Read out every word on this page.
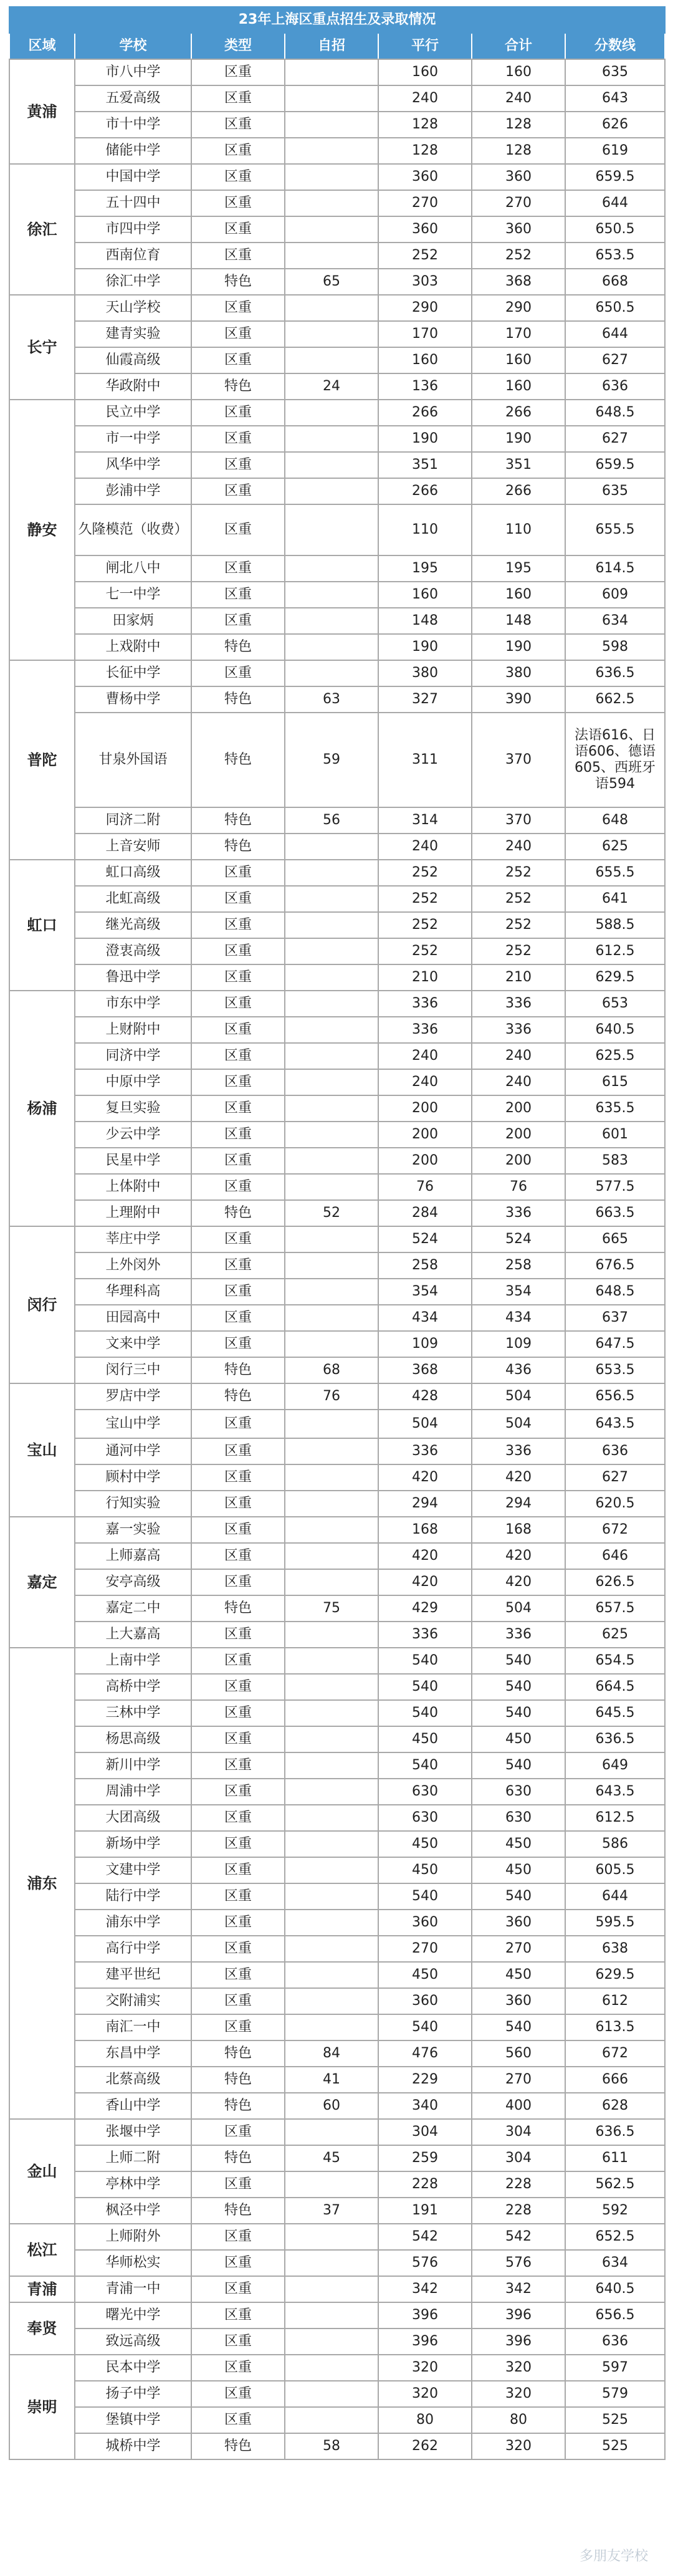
23年上海区重点招生及录取情况						
区域	学校	类型	自招	平行	合计	分数线
黄浦	市八中学	区重		160	160	635
	五爱高级	区重		240	240	643
	市十中学	区重		128	128	626
	储能中学	区重		128	128	619
徐汇	中国中学	区重		360	360	659.5
	五十四中	区重		270	270	644
	市四中学	区重		360	360	650.5
	西南位育	区重		252	252	653.5
	徐汇中学	特色	65	303	368	668
长宁	天山学校	区重		290	290	650.5
	建青实验	区重		170	170	644
	仙霞高级	区重		160	160	627
	华政附中	特色	24	136	160	636
静安	民立中学	区重		266	266	648.5
	市一中学	区重		190	190	627
	风华中学	区重		351	351	659.5
	彭浦中学	区重		266	266	635
	久隆模范（收费）	区重		110	110	655.5
	闸北八中	区重		195	195	614.5
	七一中学	区重		160	160	609
	田家炳	区重		148	148	634
	上戏附中	特色		190	190	598
普陀	长征中学	区重		380	380	636.5
	曹杨中学	特色	63	327	390	662.5
	甘泉外国语	特色	59	311	370	法语616、日语606、德语605、西班牙语594
	同济二附	特色	56	314	370	648
	上音安师	特色		240	240	625
虹口	虹口高级	区重		252	252	655.5
	北虹高级	区重		252	252	641
	继光高级	区重		252	252	588.5
	澄衷高级	区重		252	252	612.5
	鲁迅中学	区重		210	210	629.5
杨浦	市东中学	区重		336	336	653
	上财附中	区重		336	336	640.5
	同济中学	区重		240	240	625.5
	中原中学	区重		240	240	615
	复旦实验	区重		200	200	635.5
	少云中学	区重		200	200	601
	民星中学	区重		200	200	583
	上体附中	区重		76	76	577.5
	上理附中	特色	52	284	336	663.5
闵行	莘庄中学	区重		524	524	665
	上外闵外	区重		258	258	676.5
	华理科高	区重		354	354	648.5
	田园高中	区重		434	434	637
	文来中学	区重		109	109	647.5
	闵行三中	特色	68	368	436	653.5
宝山	罗店中学	特色	76	428	504	656.5
	宝山中学	区重		504	504	643.5
	通河中学	区重		336	336	636
	顾村中学	区重		420	420	627
	行知实验	区重		294	294	620.5
嘉定	嘉一实验	区重		168	168	672
	上师嘉高	区重		420	420	646
	安亭高级	区重		420	420	626.5
	嘉定二中	特色	75	429	504	657.5
	上大嘉高	区重		336	336	625
浦东	上南中学	区重		540	540	654.5
	高桥中学	区重		540	540	664.5
	三林中学	区重		540	540	645.5
	杨思高级	区重		450	450	636.5
	新川中学	区重		540	540	649
	周浦中学	区重		630	630	643.5
	大团高级	区重		630	630	612.5
	新场中学	区重		450	450	586
	文建中学	区重		450	450	605.5
	陆行中学	区重		540	540	644
	浦东中学	区重		360	360	595.5
	高行中学	区重		270	270	638
	建平世纪	区重		450	450	629.5
	交附浦实	区重		360	360	612
	南汇一中	区重		540	540	613.5
	东昌中学	特色	84	476	560	672
	北蔡高级	特色	41	229	270	666
	香山中学	特色	60	340	400	628
金山	张堰中学	区重		304	304	636.5
	上师二附	特色	45	259	304	611
	亭林中学	区重		228	228	562.5
	枫泾中学	特色	37	191	228	592
松江	上师附外	区重		542	542	652.5
	华师松实	区重		576	576	634
青浦	青浦一中	区重		342	342	640.5
奉贤	曙光中学	区重		396	396	656.5
	致远高级	区重		396	396	636
崇明	民本中学	区重		320	320	597
	扬子中学	区重		320	320	579
	堡镇中学	区重		80	80	525
	城桥中学	特色	58	262	320	525
多朋友学校
